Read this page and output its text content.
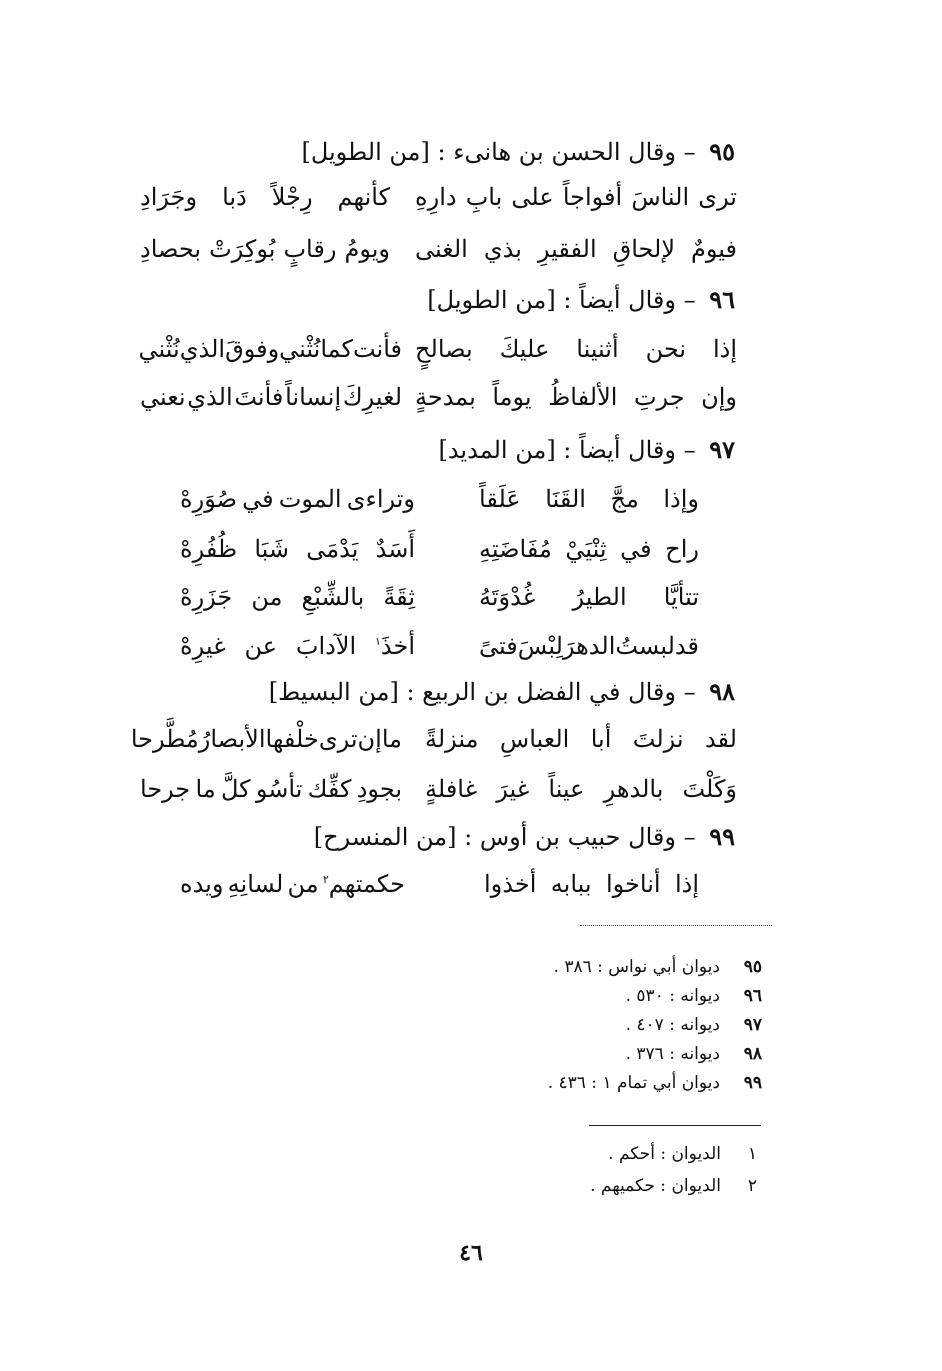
٩٥ – وقال الحسن بن هانىء : [من الطويل]
ترى
الناسَ
أفواجاً
على
بابِ
دارِهِ
كأنهم
رِجْلاً
دَبا
وجَرَادِ
فيومٌ
لإلحاقِ
الفقيرِ
بذي
الغنى
ويومُ
رقابٍ
بُوكِرَتْ
بحصادِ
٩٦ – وقال أيضاً : [من الطويل]
إذا
نحن
أثنينا
عليكَ
بصالحٍ
فأنت
كما
نُثْني
وفوقَ
الذي
نُثْني
وإن
جرتِ
الألفاظُ
يوماً
بمدحةٍ
لغيرِكَ
إنساناً
فأنتَ
الذي
نعني
٩٧ – وقال أيضاً : [من المديد]
وإذا
مجَّ
القَنَا
عَلَقاً
وتراءى
الموت
في
صُوَرِهْ
راح
في
ثِنْيَيْ
مُفَاضَتِهِ
أَسَدٌ
يَدْمَى
شَبَا
ظُفُرِهْ
تتأيَّا
الطيرُ
غُدْوَتَهُ
ثِقَةً
بالشِّبْعِ
من
جَزَرِهْ
قد
لبستُ
الدهرَ
لِبْسَ
فتىً
أخذَ$^١$
الآدابَ
عن
غيرِهْ
٩٨ – وقال في الفضل بن الربيع : [من البسيط]
لقد
نزلتَ
أبا
العباسِ
منزلةً
ما
إن
ترى
خلْفها
الأبصارُ
مُطَّرحا
وَكَلْتَ
بالدهرِ
عيناً
غيرَ
غافلةٍ
بجودِ
كفِّك
تأسُو
كلَّ
ما
جرحا
٩٩ – وقال حبيب بن أوس : [من المنسرح]
إذا
أناخوا
ببابه
أخذوا
حكمتهم$^٢$
من
لسانِهِ
ويده
٩٥ديوان أبي نواس : ٣٨٦ .
٩٦ديوانه : ٥٣٠ .
٩٧ديوانه : ٤٠٧ .
٩٨ديوانه : ٣٧٦ .
٩٩ديوان أبي تمام ١ : ٤٣٦ .
١الديوان : أحكم .
٢الديوان : حكميهم .
٤٦
